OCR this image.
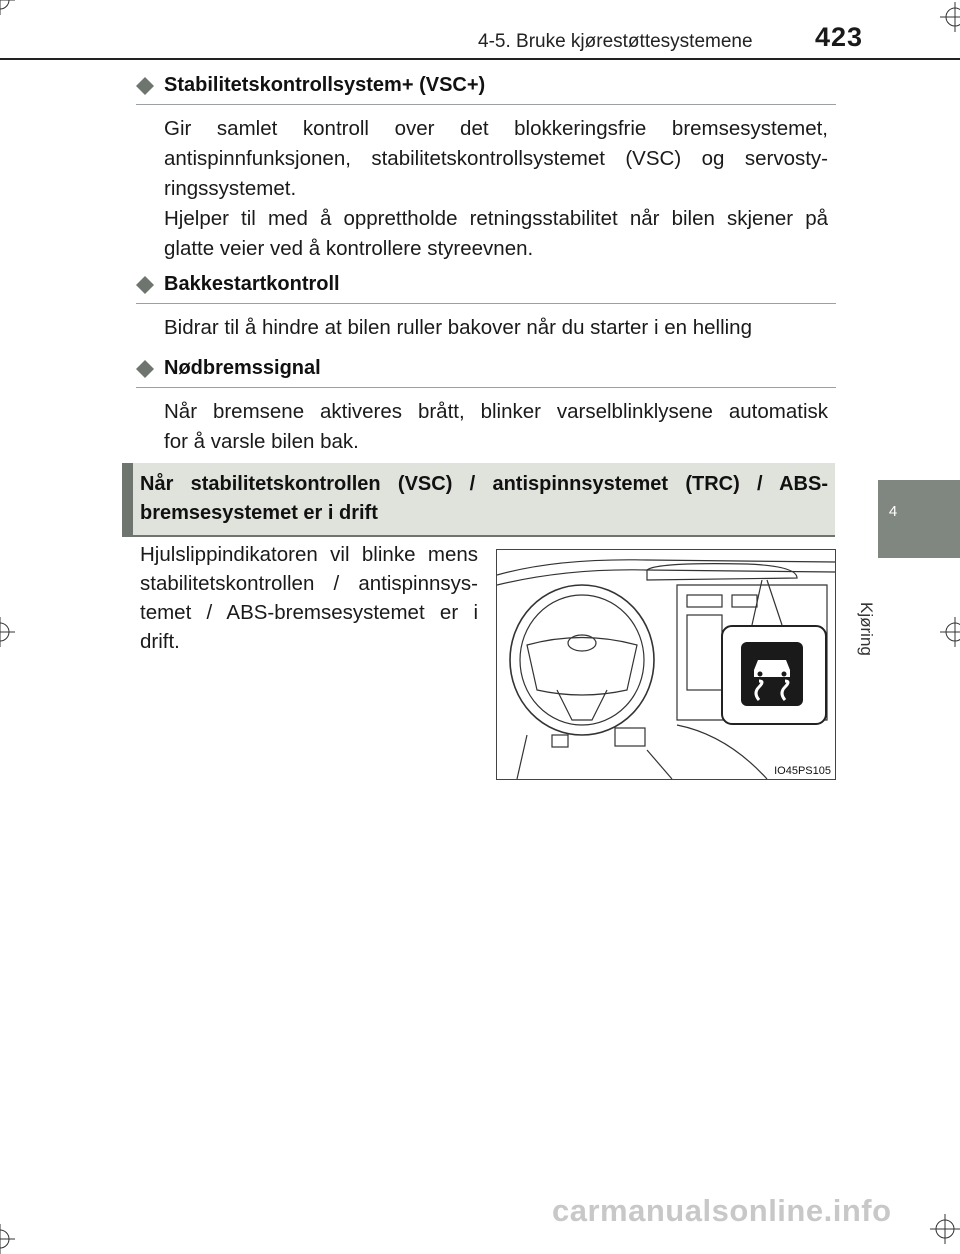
4-5. Bruke kjørestøttesystemene	423
4
Kjøring
Stabilitetskontrollsystem+ (VSC+)
Gir samlet kontroll over det blokkeringsfrie bremsesystemet,
antispinnfunksjonen, stabilitetskontrollsystemet (VSC) og servosty-
ringssystemet.
Hjelper til med å opprettholde retningsstabilitet når bilen skjener på
glatte veier ved å kontrollere styreevnen.
Bakkestartkontroll
Bidrar til å hindre at bilen ruller bakover når du starter i en helling
Nødbremssignal
Når bremsene aktiveres brått, blinker varselblinklysene automatisk
for å varsle bilen bak.
Når stabilitetskontrollen (VSC) / antispinnsystemet (TRC) / ABS-
bremsesystemet er i drift
Hjulslippindikatoren vil blinke mens
stabilitetskontrollen / antispinnsys-
temet / ABS-bremsesystemet er i
drift.
IO45PS105
carmanualsonline.info
